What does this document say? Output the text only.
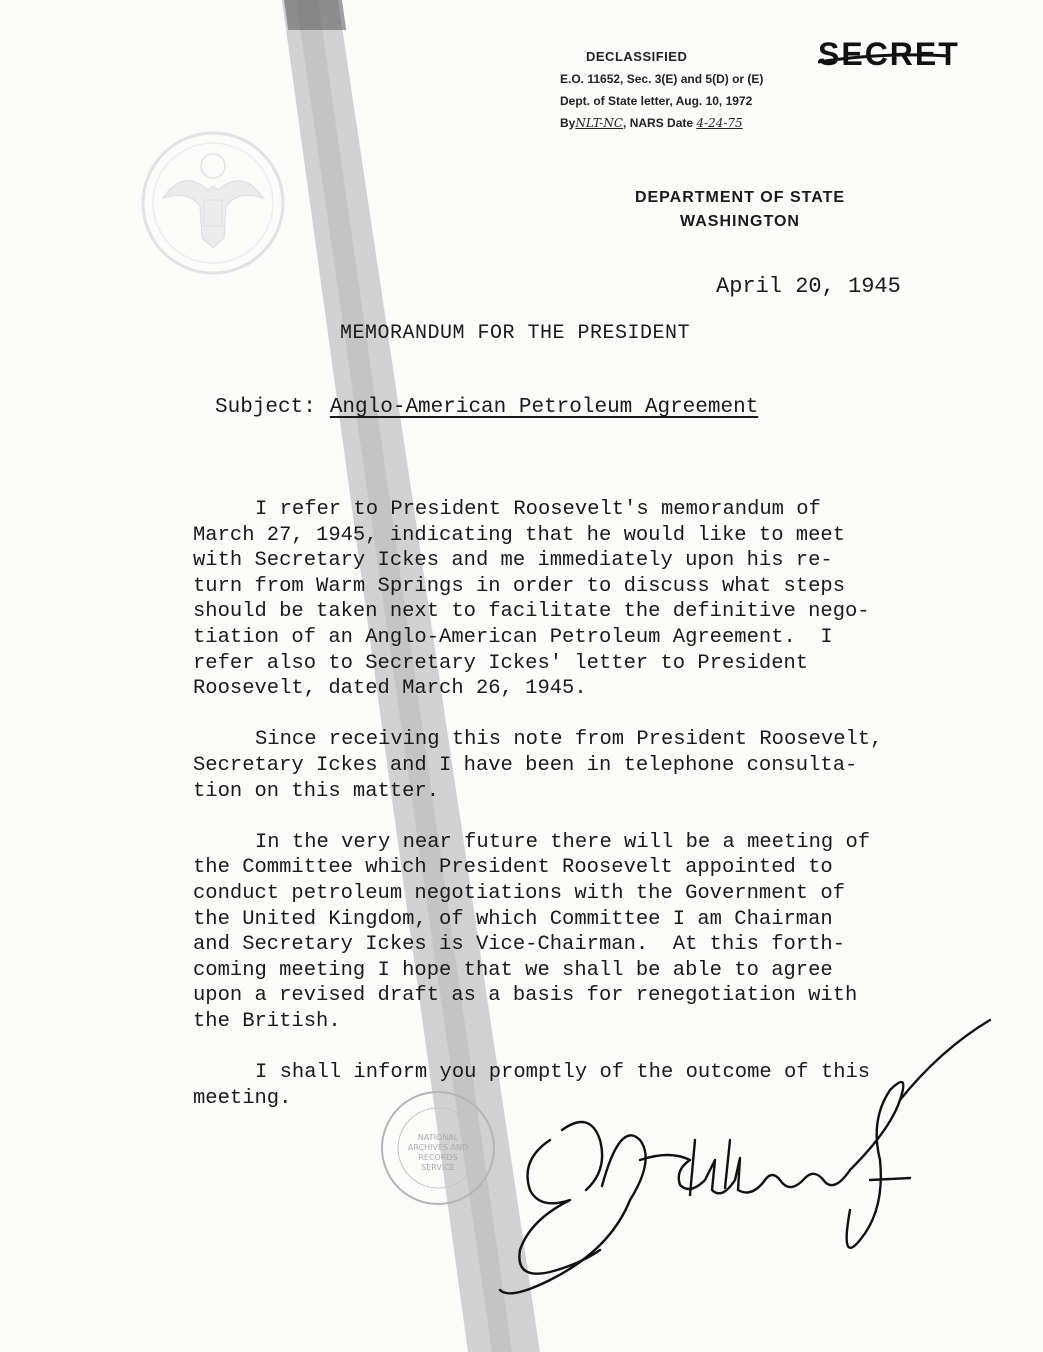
SECRET
DECLASSIFIED
E.O. 11652, Sec. 3(E) and 5(D) or (E)
Dept. of State letter, Aug. 10, 1972
ByNLT-NC, NARS Date 4-24-75
DEPARTMENT OF STATE
WASHINGTON
April 20, 1945
MEMORANDUM FOR THE PRESIDENT
Subject: Anglo-American Petroleum Agreement
I refer to President Roosevelt's memorandum of
March 27, 1945, indicating that he would like to meet
with Secretary Ickes and me immediately upon his re-
turn from Warm Springs in order to discuss what steps
should be taken next to facilitate the definitive nego-
tiation of an Anglo-American Petroleum Agreement.  I
refer also to Secretary Ickes' letter to President
Roosevelt, dated March 26, 1945.
Since receiving this note from President Roosevelt,
Secretary Ickes and I have been in telephone consulta-
tion on this matter.
In the very near future there will be a meeting of
the Committee which President Roosevelt appointed to
conduct petroleum negotiations with the Government of
the United Kingdom, of which Committee I am Chairman
and Secretary Ickes is Vice-Chairman.  At this forth-
coming meeting I hope that we shall be able to agree
upon a revised draft as a basis for renegotiation with
the British.
I shall inform you promptly of the outcome of this
meeting.
NATIONAL
ARCHIVES AND
RECORDS
SERVICE
